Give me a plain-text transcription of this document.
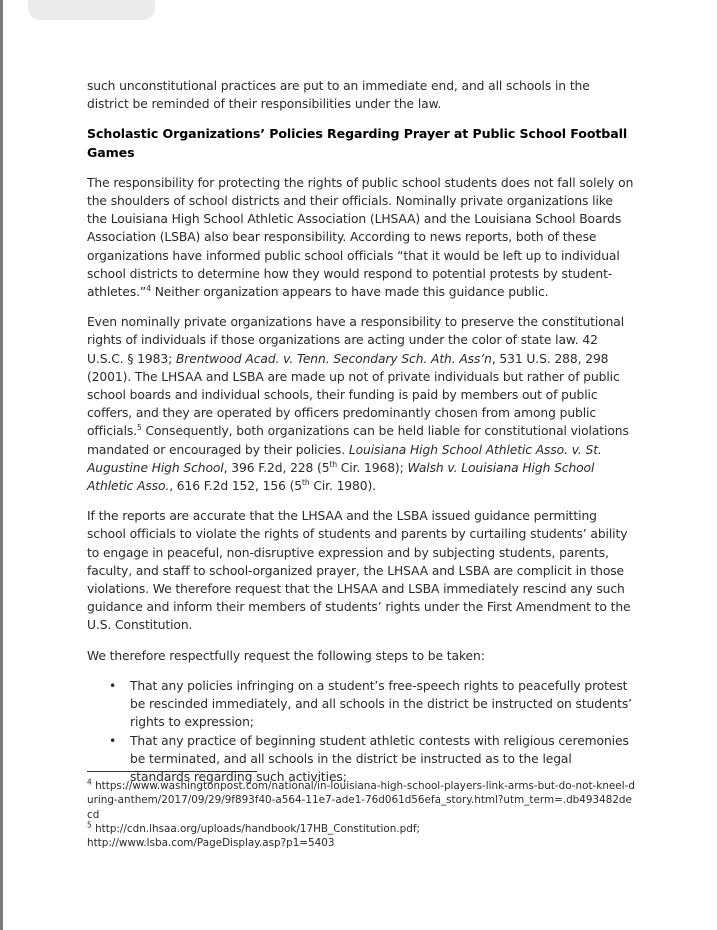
such unconstitutional practices are put to an immediate end, and all schools in the district be reminded of their responsibilities under the law.

Scholastic Organizations’ Policies Regarding Prayer at Public School Football Games

The responsibility for protecting the rights of public school students does not fall solely on the shoulders of school districts and their officials. Nominally private organizations like the Louisiana High School Athletic Association (LHSAA) and the Louisiana School Boards Association (LSBA) also bear responsibility. According to news reports, both of these organizations have informed public school officials “that it would be left up to individual school districts to determine how they would respond to potential protests by student-athletes.”$^4$ Neither organization appears to have made this guidance public.

Even nominally private organizations have a responsibility to preserve the constitutional rights of individuals if those organizations are acting under the color of state law. 42 U.S.C. § 1983; Brentwood Acad. v. Tenn. Secondary Sch. Ath. Ass’n, 531 U.S. 288, 298 (2001). The LHSAA and LSBA are made up not of private individuals but rather of public school boards and individual schools, their funding is paid by members out of public coffers, and they are operated by officers predominantly chosen from among public officials.$^5$ Consequently, both organizations can be held liable for constitutional violations mandated or encouraged by their policies. Louisiana High School Athletic Asso. v. St. Augustine High School, 396 F.2d, 228 (5th Cir. 1968); Walsh v. Louisiana High School Athletic Asso., 616 F.2d 152, 156 (5th Cir. 1980).

If the reports are accurate that the LHSAA and the LSBA issued guidance permitting school officials to violate the rights of students and parents by curtailing students’ ability to engage in peaceful, non-disruptive expression and by subjecting students, parents, faculty, and staff to school-organized prayer, the LHSAA and LSBA are complicit in those violations. We therefore request that the LHSAA and LSBA immediately rescind any such guidance and inform their members of students’ rights under the First Amendment to the U.S. Constitution.

We therefore respectfully request the following steps to be taken:

• That any policies infringing on a student’s free-speech rights to peacefully protest be rescinded immediately, and all schools in the district be instructed on students’ rights to expression;
• That any practice of beginning student athletic contests with religious ceremonies be terminated, and all schools in the district be instructed as to the legal standards regarding such activities;

$^4$ https://www.washingtonpost.com/national/in-louisiana-high-school-players-link-arms-but-do-not-kneel-during-anthem/2017/09/29/9f893f40-a564-11e7-ade1-76d061d56efa_story.html?utm_term=.db493482decd

$^5$ http://cdn.lhsaa.org/uploads/handbook/17HB_Constitution.pdf;
http://www.lsba.com/PageDisplay.asp?p1=5403
